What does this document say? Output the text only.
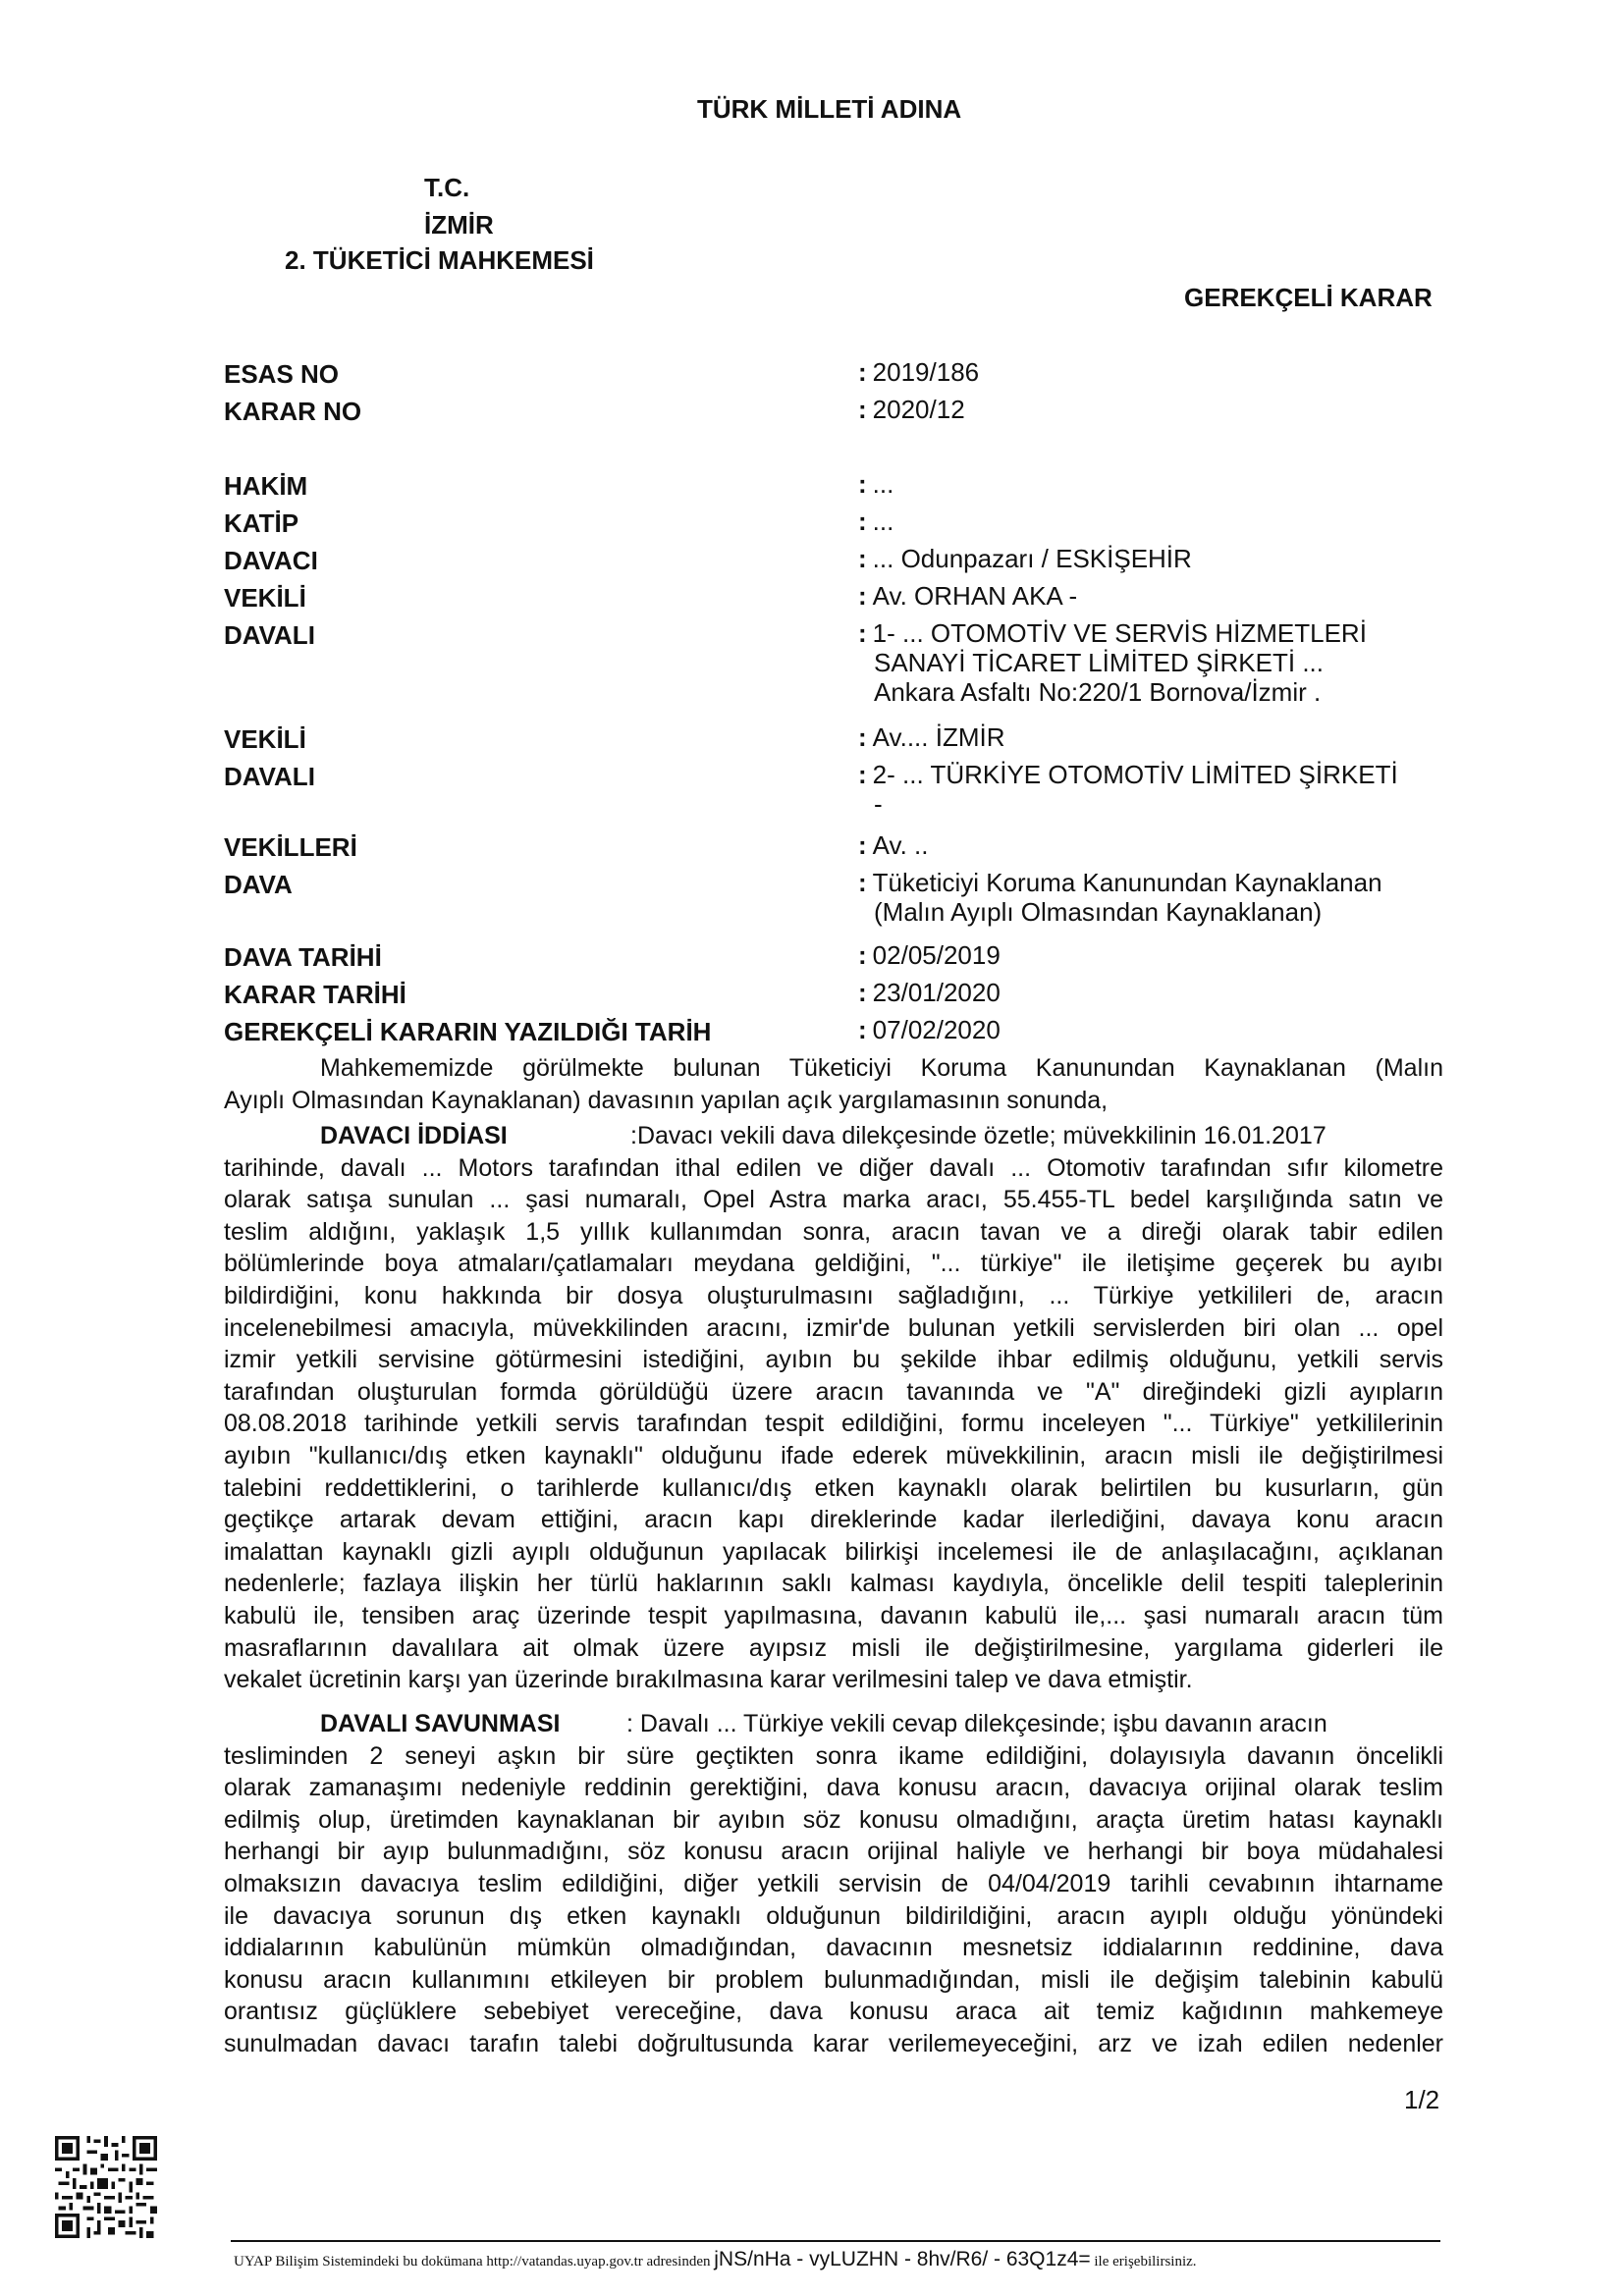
TÜRK MİLLETİ ADINA
T.C.
İZMİR
2. TÜKETİCİ MAHKEMESİ
GEREKÇELİ KARAR
ESAS NO	: 2019/186
KARAR NO	: 2020/12
HAKİM	: ...
KATİP	: ...
DAVACI	: ... Odunpazarı / ESKİŞEHİR
VEKİLİ	: Av. ORHAN AKA -
DAVALI	: 1- ... OTOMOTİV VE SERVİS HİZMETLERİ
SANAYİ TİCARET LİMİTED ŞİRKETİ ...
Ankara Asfaltı No:220/1 Bornova/İzmir .
VEKİLİ	: Av.... İZMİR
DAVALI	: 2- ... TÜRKİYE OTOMOTİV LİMİTED ŞİRKETİ
-
VEKİLLERİ	: Av. ..
DAVA	: Tüketiciyi Koruma Kanunundan Kaynaklanan
(Malın Ayıplı Olmasından Kaynaklanan)
DAVA TARİHİ	: 02/05/2019
KARAR TARİHİ	: 23/01/2020
GEREKÇELİ KARARIN YAZILDIĞI TARİH	: 07/02/2020
Mahkememizde görülmekte bulunan Tüketiciyi Koruma Kanunundan Kaynaklanan (Malın
Ayıplı Olmasından Kaynaklanan) davasının yapılan açık yargılamasının sonunda,
DAVACI İDDİASI	:Davacı vekili dava dilekçesinde özetle; müvekkilinin 16.01.2017
tarihinde, davalı ... Motors tarafından ithal edilen ve diğer davalı ... Otomotiv tarafından sıfır kilometre
olarak satışa sunulan ... şasi numaralı, Opel Astra marka aracı, 55.455-TL bedel karşılığında satın ve
teslim aldığını, yaklaşık 1,5 yıllık kullanımdan sonra, aracın tavan ve a direği olarak tabir edilen
bölümlerinde boya atmaları/çatlamaları meydana geldiğini, "... türkiye" ile iletişime geçerek bu ayıbı
bildirdiğini, konu hakkında bir dosya oluşturulmasını sağladığını, ... Türkiye yetkilileri de, aracın
incelenebilmesi amacıyla, müvekkilinden aracını, izmir'de bulunan yetkili servislerden biri olan ... opel
izmir yetkili servisine götürmesini istediğini, ayıbın bu şekilde ihbar edilmiş olduğunu, yetkili servis
tarafından oluşturulan formda görüldüğü üzere aracın tavanında ve "A" direğindeki gizli ayıpların
08.08.2018 tarihinde yetkili servis tarafından tespit edildiğini, formu inceleyen "... Türkiye" yetkililerinin
ayıbın "kullanıcı/dış etken kaynaklı" olduğunu ifade ederek müvekkilinin, aracın misli ile değiştirilmesi
talebini reddettiklerini, o tarihlerde kullanıcı/dış etken kaynaklı olarak belirtilen bu kusurların, gün
geçtikçe artarak devam ettiğini, aracın kapı direklerinde kadar ilerlediğini, davaya konu aracın
imalattan kaynaklı gizli ayıplı olduğunun yapılacak bilirkişi incelemesi ile de anlaşılacağını, açıklanan
nedenlerle; fazlaya ilişkin her türlü haklarının saklı kalması kaydıyla, öncelikle delil tespiti taleplerinin
kabulü ile, tensiben araç üzerinde tespit yapılmasına, davanın kabulü ile,... şasi numaralı aracın tüm
masraflarının davalılara ait olmak üzere ayıpsız misli ile değiştirilmesine, yargılama giderleri ile
vekalet ücretinin karşı yan üzerinde bırakılmasına karar verilmesini talep ve dava etmiştir.
DAVALI SAVUNMASI	: Davalı ... Türkiye vekili cevap dilekçesinde; işbu davanın aracın
tesliminden 2 seneyi aşkın bir süre geçtikten sonra ikame edildiğini, dolayısıyla davanın öncelikli
olarak zamanaşımı nedeniyle reddinin gerektiğini, dava konusu aracın, davacıya orijinal olarak teslim
edilmiş olup, üretimden kaynaklanan bir ayıbın söz konusu olmadığını, araçta üretim hatası kaynaklı
herhangi bir ayıp bulunmadığını, söz konusu aracın orijinal haliyle ve herhangi bir boya müdahalesi
olmaksızın davacıya teslim edildiğini, diğer yetkili servisin de 04/04/2019 tarihli cevabının ihtarname
ile davacıya sorunun dış etken kaynaklı olduğunun bildirildiğini, aracın ayıplı olduğu yönündeki
iddialarının kabulünün mümkün olmadığından, davacının mesnetsiz iddialarının reddinine, dava
konusu aracın kullanımını etkileyen bir problem bulunmadığından, misli ile değişim talebinin kabulü
orantısız güçlüklere sebebiyet vereceğine, dava konusu araca ait temiz kağıdının mahkemeye
sunulmadan davacı tarafın talebi doğrultusunda karar verilemeyeceğini, arz ve izah edilen nedenler
1/2
UYAP Bilişim Sistemindeki bu dokümana http://vatandas.uyap.gov.tr adresinden jNS/nHa - vyLUZHN - 8hv/R6/ - 63Q1z4= ile erişebilirsiniz.
